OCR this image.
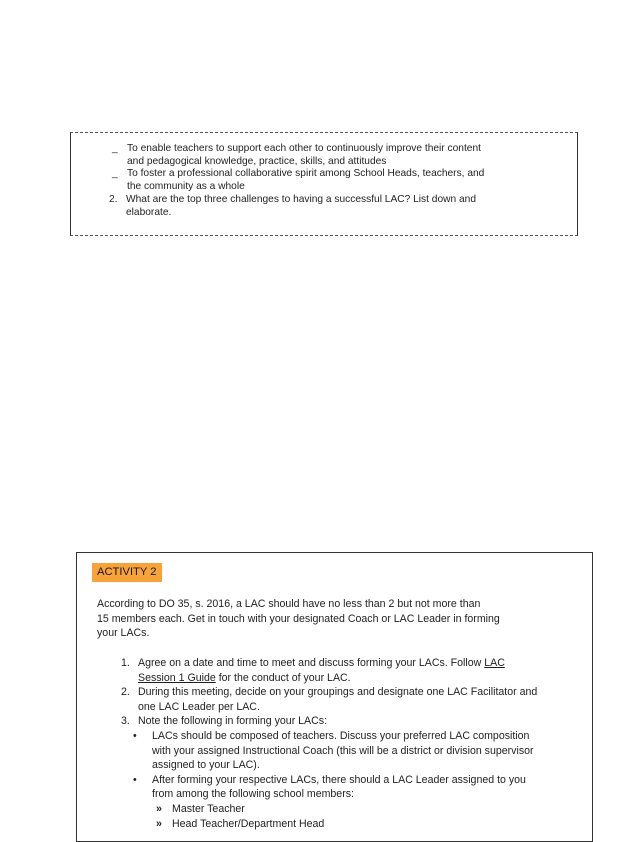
_ To enable teachers to support each other to continuously improve their content
and pedagogical knowledge, practice, skills, and attitudes
_ To foster a professional collaborative spirit among School Heads, teachers, and
the community as a whole
2. What are the top three challenges to having a successful LAC? List down and
elaborate.
ACTIVITY 2
According to DO 35, s. 2016, a LAC should have no less than 2 but not more than
15 members each. Get in touch with your designated Coach or LAC Leader in forming
your LACs.
1. Agree on a date and time to meet and discuss forming your LACs. Follow LAC
Session 1 Guide for the conduct of your LAC.
2. During this meeting, decide on your groupings and designate one LAC Facilitator and
one LAC Leader per LAC.
3. Note the following in forming your LACs:
• LACs should be composed of teachers. Discuss your preferred LAC composition
with your assigned Instructional Coach (this will be a district or division supervisor
assigned to your LAC).
• After forming your respective LACs, there should a LAC Leader assigned to you
from among the following school members:
» Master Teacher
» Head Teacher/Department Head
